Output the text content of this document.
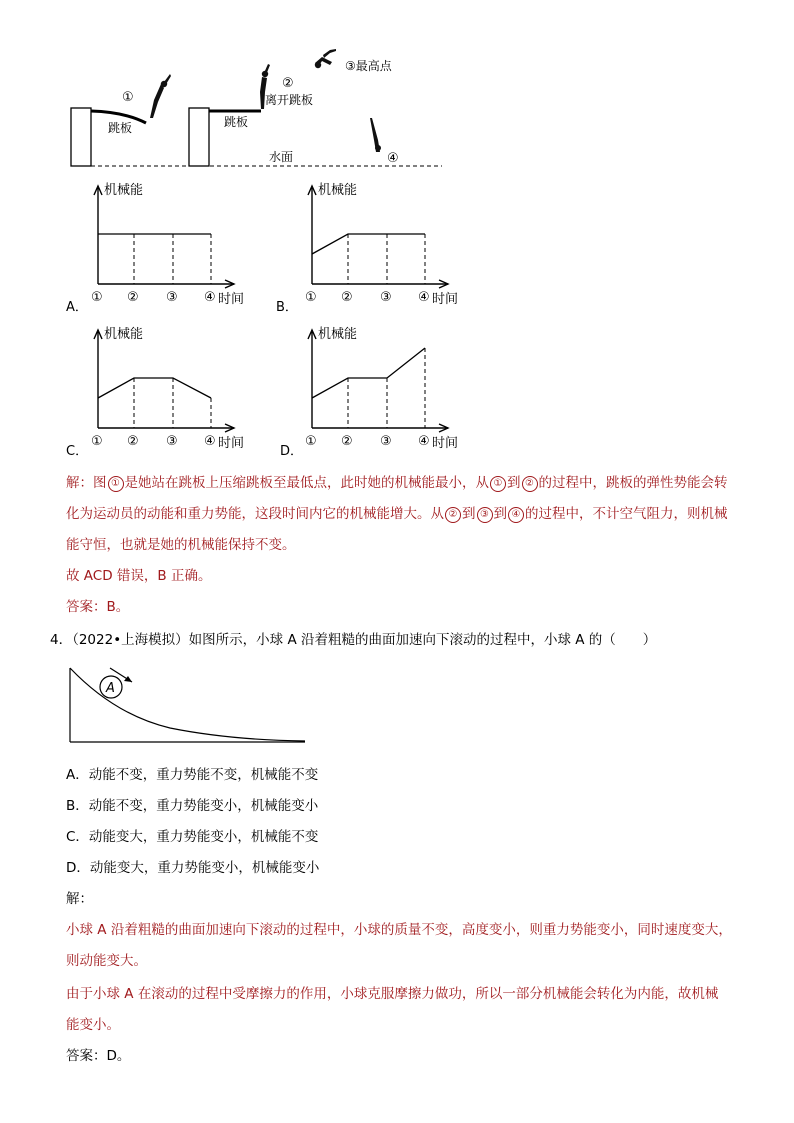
①
跳板	跳板
②
离开跳板
③最高点
水面	④
A．	B．
C．	D．
机械能
① ② ③ ④ 时间
机械能
① ② ③ ④ 时间
机械能
① ② ③ ④ 时间
机械能
① ② ③ ④ 时间
解：图 ① 是她站在跳板上压缩跳板至最低点，此时她的机械能最小，从 ① 到 ② 的过程中，跳板的弹性势能会转
化为运动员的动能和重力势能，这段时间内它的机械能增大。从 ② 到 ③ 到 ④ 的过程中，不计空气阻力，则机械
能守恒，也就是她的机械能保持不变。
故 ACD 错误，B 正确。
答案：B。
4．（2022•上海模拟）如图所示，小球 A 沿着粗糙的曲面加速向下滚动的过程中，小球 A 的（　　）
A
A．动能不变，重力势能不变，机械能不变
B．动能不变，重力势能变小，机械能变小
C．动能变大，重力势能变小，机械能不变
D．动能变大，重力势能变小，机械能变小
解：
小球 A 沿着粗糙的曲面加速向下滚动的过程中，小球的质量不变，高度变小，则重力势能变小，同时速度变大，
则动能变大。
由于小球 A 在滚动的过程中受摩擦力的作用，小球克服摩擦力做功，所以一部分机械能会转化为内能，故机械
能变小。
答案：D。
